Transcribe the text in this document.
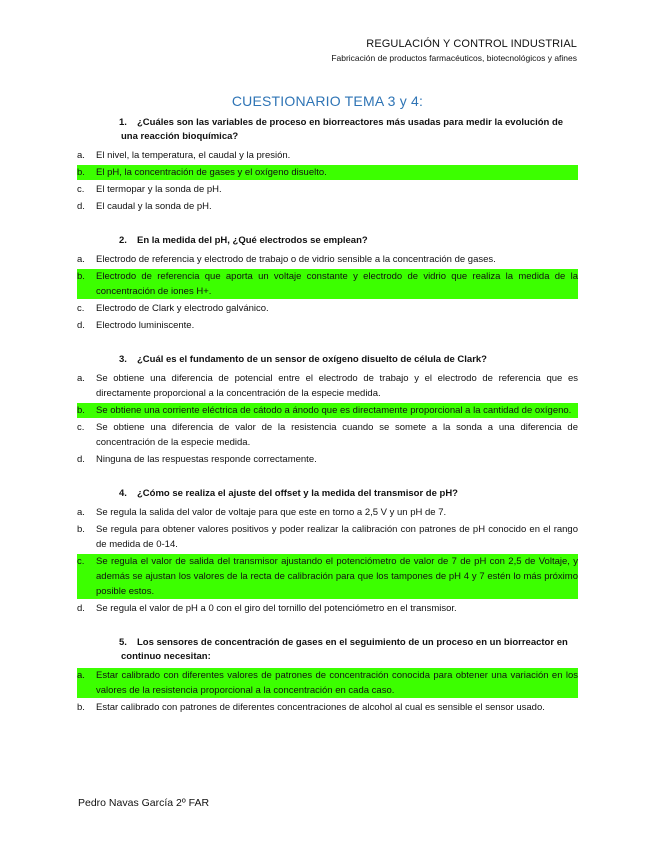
REGULACIÓN Y CONTROL INDUSTRIAL
Fabricación de productos farmacéuticos, biotecnológicos y afines
CUESTIONARIO TEMA 3 y 4:

1. ¿Cuáles son las variables de proceso en biorreactores más usadas para medir la evolución de una reacción bioquímica?

a. El nivel, la temperatura, el caudal y la presión.
b. El pH, la concentración de gases y el oxígeno disuelto.
c. El termopar y la sonda de pH.
d. El caudal y la sonda de pH.

2. En la medida del pH, ¿Qué electrodos se emplean?

a. Electrodo de referencia y electrodo de trabajo o de vidrio sensible a la concentración de gases.
b. Electrodo de referencia que aporta un voltaje constante y electrodo de vidrio que realiza la medida de la concentración de iones H+.
c. Electrodo de Clark y electrodo galvánico.
d. Electrodo luminiscente.

3. ¿Cuál es el fundamento de un sensor de oxígeno disuelto de célula de Clark?

a. Se obtiene una diferencia de potencial entre el electrodo de trabajo y el electrodo de referencia que es directamente proporcional a la concentración de la especie medida.
b. Se obtiene una corriente eléctrica de cátodo a ánodo que es directamente proporcional a la cantidad de oxígeno.
c. Se obtiene una diferencia de valor de la resistencia cuando se somete a la sonda a una diferencia de concentración de la especie medida.
d. Ninguna de las respuestas responde correctamente.

4. ¿Cómo se realiza el ajuste del offset y la medida del transmisor de pH?

a. Se regula la salida del valor de voltaje para que este en torno a 2,5 V y un pH de 7.
b. Se regula para obtener valores positivos y poder realizar la calibración con patrones de pH conocido en el rango de medida de 0-14.
c. Se regula el valor de salida del transmisor ajustando el potenciómetro de valor de 7 de pH con 2,5 de Voltaje, y además se ajustan los valores de la recta de calibración para que los tampones de pH 4 y 7 estén lo más próximo posible estos.
d. Se regula el valor de pH a 0 con el giro del tornillo del potenciómetro en el transmisor.

5. Los sensores de concentración de gases en el seguimiento de un proceso en un biorreactor en continuo necesitan:

a. Estar calibrado con diferentes valores de patrones de concentración conocida para obtener una variación en los valores de la resistencia proporcional a la concentración en cada caso.
b. Estar calibrado con patrones de diferentes concentraciones de alcohol al cual es sensible el sensor usado.
Pedro Navas García 2º FAR
